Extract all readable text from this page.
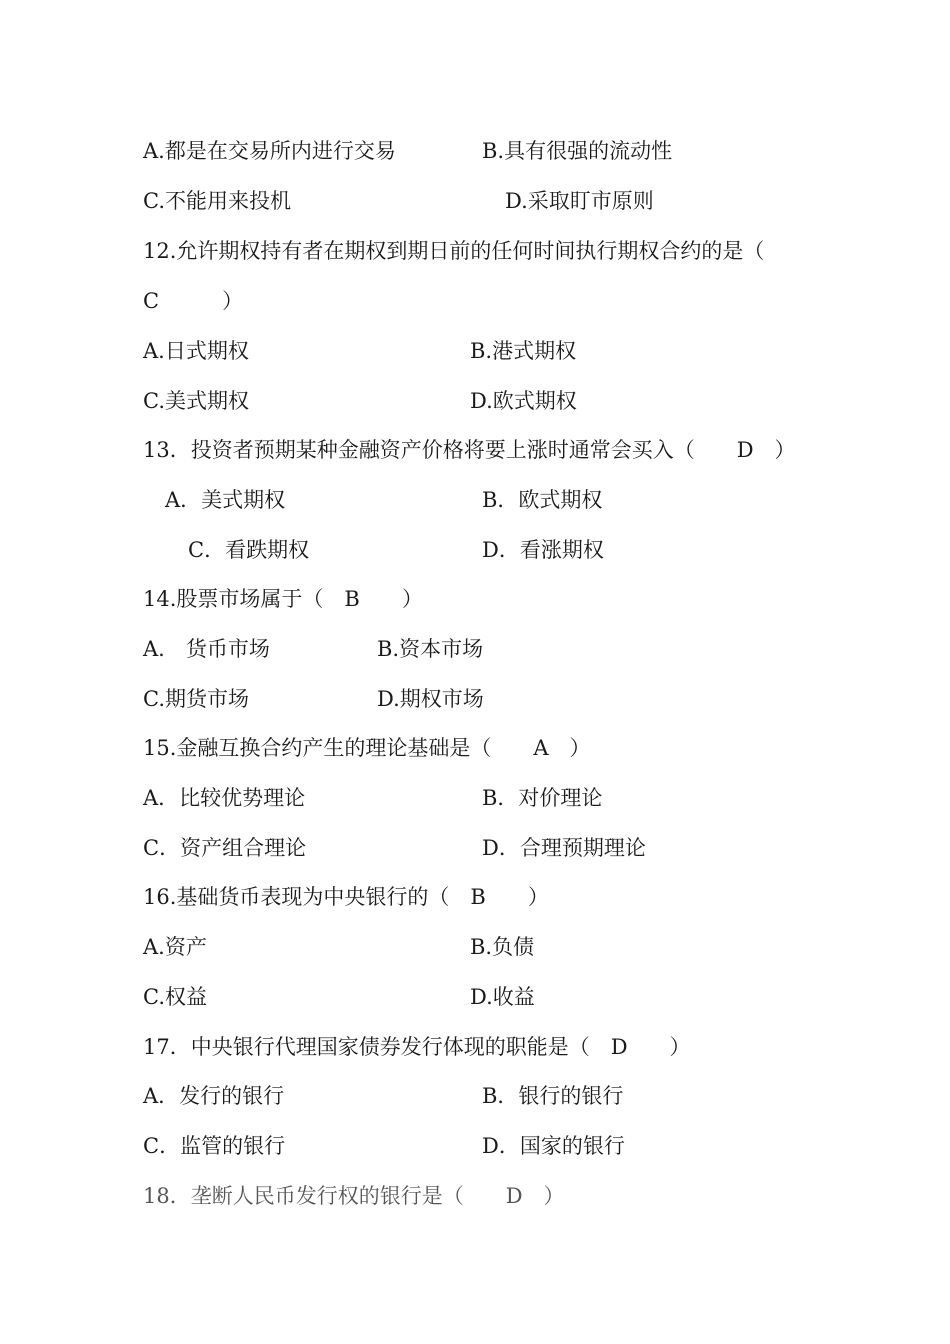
A.都是在交易所内进行交易	B.具有很强的流动性
C.不能用来投机	D.采取盯市原则
12.允许期权持有者在期权到期日前的任何时间执行期权合约的是（
C　　　）
A.日式期权	B.港式期权
C.美式期权	D.欧式期权
13．投资者预期某种金融资产价格将要上涨时通常会买入（　　D　）
A．美式期权	B．欧式期权
C．看跌期权	D．看涨期权
14.股票市场属于（　B　　）
A.　货币市场	B.资本市场
C.期货市场	D.期权市场
15.金融互换合约产生的理论基础是（　　A　）
A．比较优势理论	B．对价理论
C．资产组合理论	D．合理预期理论
16.基础货币表现为中央银行的（　B　　）
A.资产	B.负债
C.权益	D.收益
17．中央银行代理国家债券发行体现的职能是（　D　　）
A．发行的银行	B．银行的银行
C．监管的银行	D．国家的银行
18．垄断人民币发行权的银行是（　　D　）
